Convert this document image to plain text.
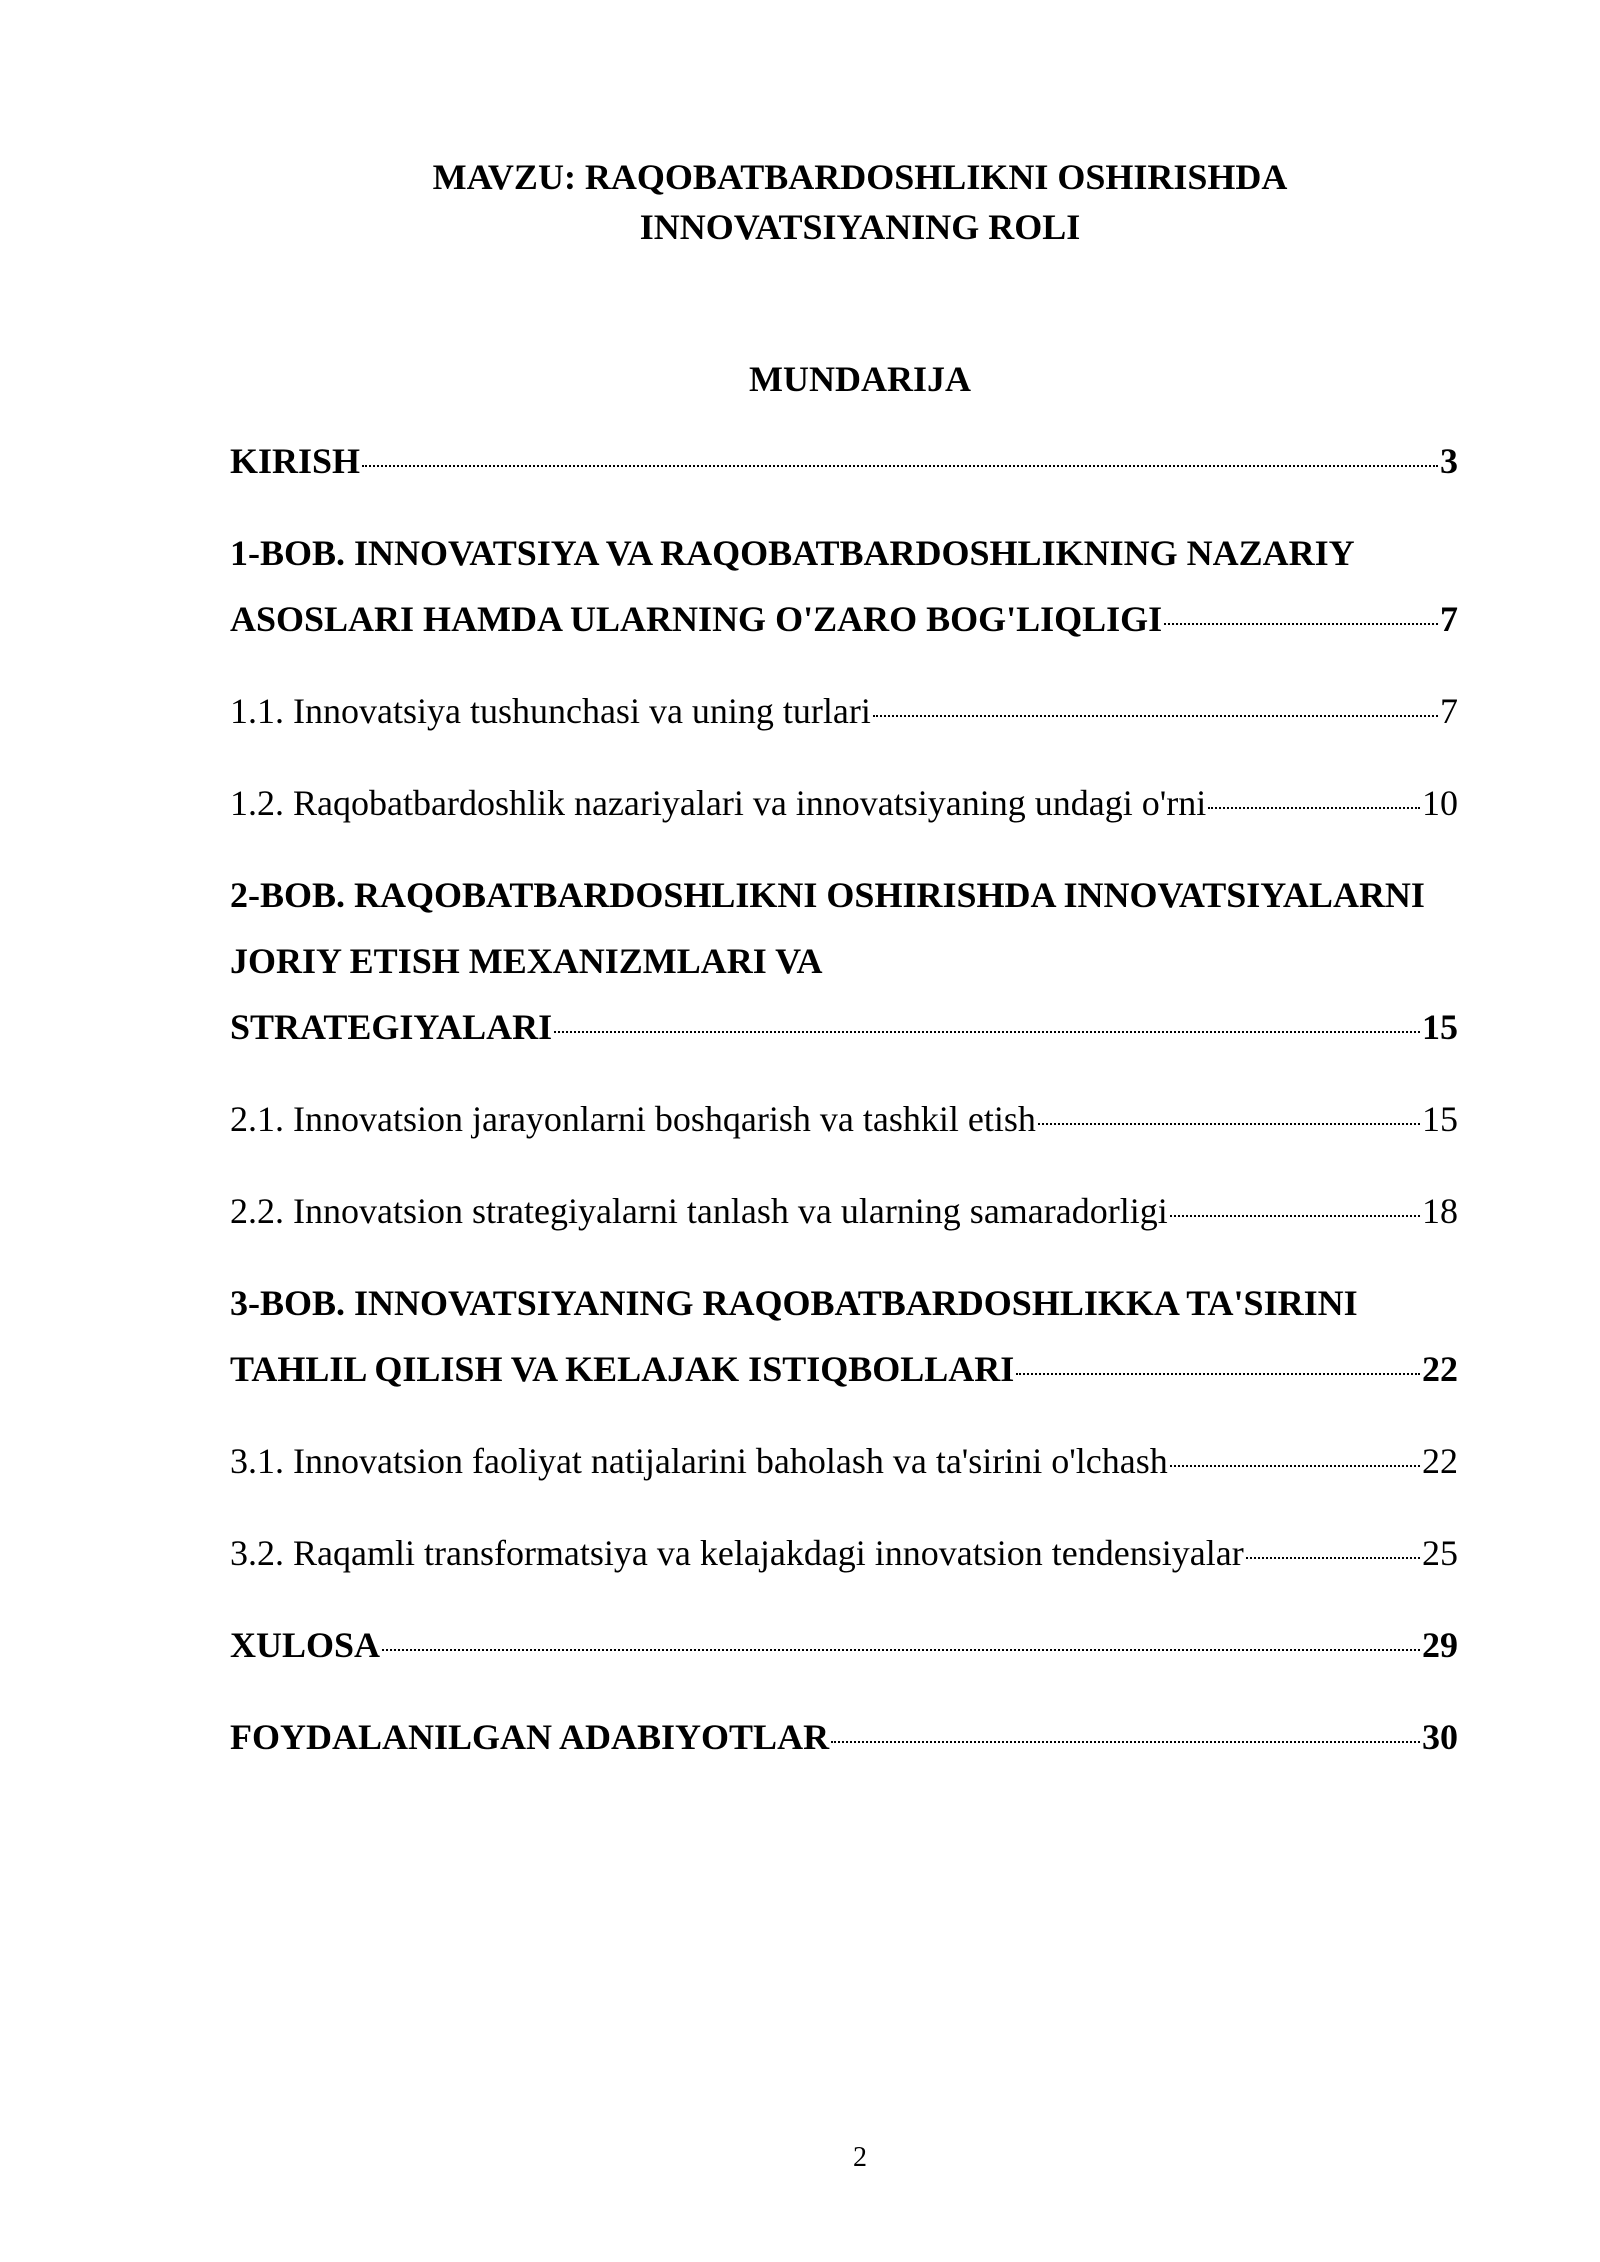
MAVZU: RAQOBATBARDOSHLIKNI OSHIRISHDA
INNOVATSIYANING ROLI
MUNDARIJA
KIRISH	3
1-BOB. INNOVATSIYA VA RAQOBATBARDOSHLIKNING NAZARIY
ASOSLARI HAMDA ULARNING O'ZARO BOG'LIQLIGI	7
1.1. Innovatsiya tushunchasi va uning turlari	7
1.2. Raqobatbardoshlik nazariyalari va innovatsiyaning undagi o'rni	10
2-BOB. RAQOBATBARDOSHLIKNI OSHIRISHDA INNOVATSIYALARNI JORIY ETISH MEXANIZMLARI VA
STRATEGIYALARI	15
2.1. Innovatsion jarayonlarni boshqarish va tashkil etish	15
2.2. Innovatsion strategiyalarni tanlash va ularning samaradorligi	18
3-BOB. INNOVATSIYANING RAQOBATBARDOSHLIKKA TA'SIRINI
TAHLIL QILISH VA KELAJAK ISTIQBOLLARI	22
3.1. Innovatsion faoliyat natijalarini baholash va ta'sirini o'lchash	22
3.2. Raqamli transformatsiya va kelajakdagi innovatsion tendensiyalar	25
XULOSA	29
FOYDALANILGAN ADABIYOTLAR	30
2
